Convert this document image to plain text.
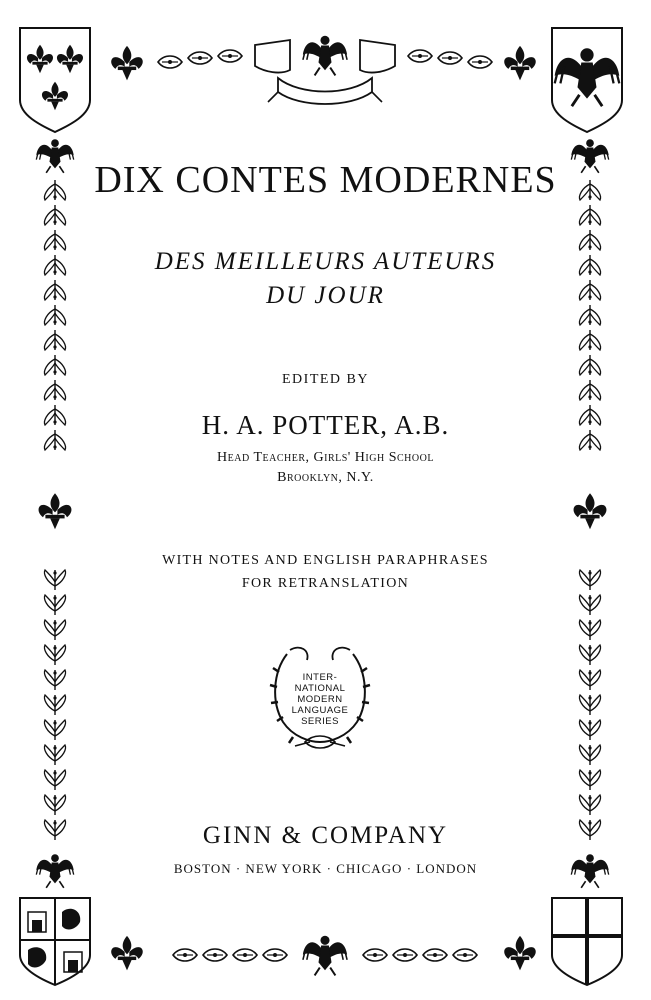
DIX CONTES MODERNES
DES MEILLEURS AUTEURS
DU JOUR
EDITED BY
H. A. POTTER, A.B.
Head Teacher, Girls' High School
Brooklyn, N.Y.
WITH NOTES AND ENGLISH PARAPHRASES
FOR RETRANSLATION
INTER-
NATIONAL
MODERN
LANGUAGE
SERIES
GINN & COMPANY
BOSTON · NEW YORK · CHICAGO · LONDON
